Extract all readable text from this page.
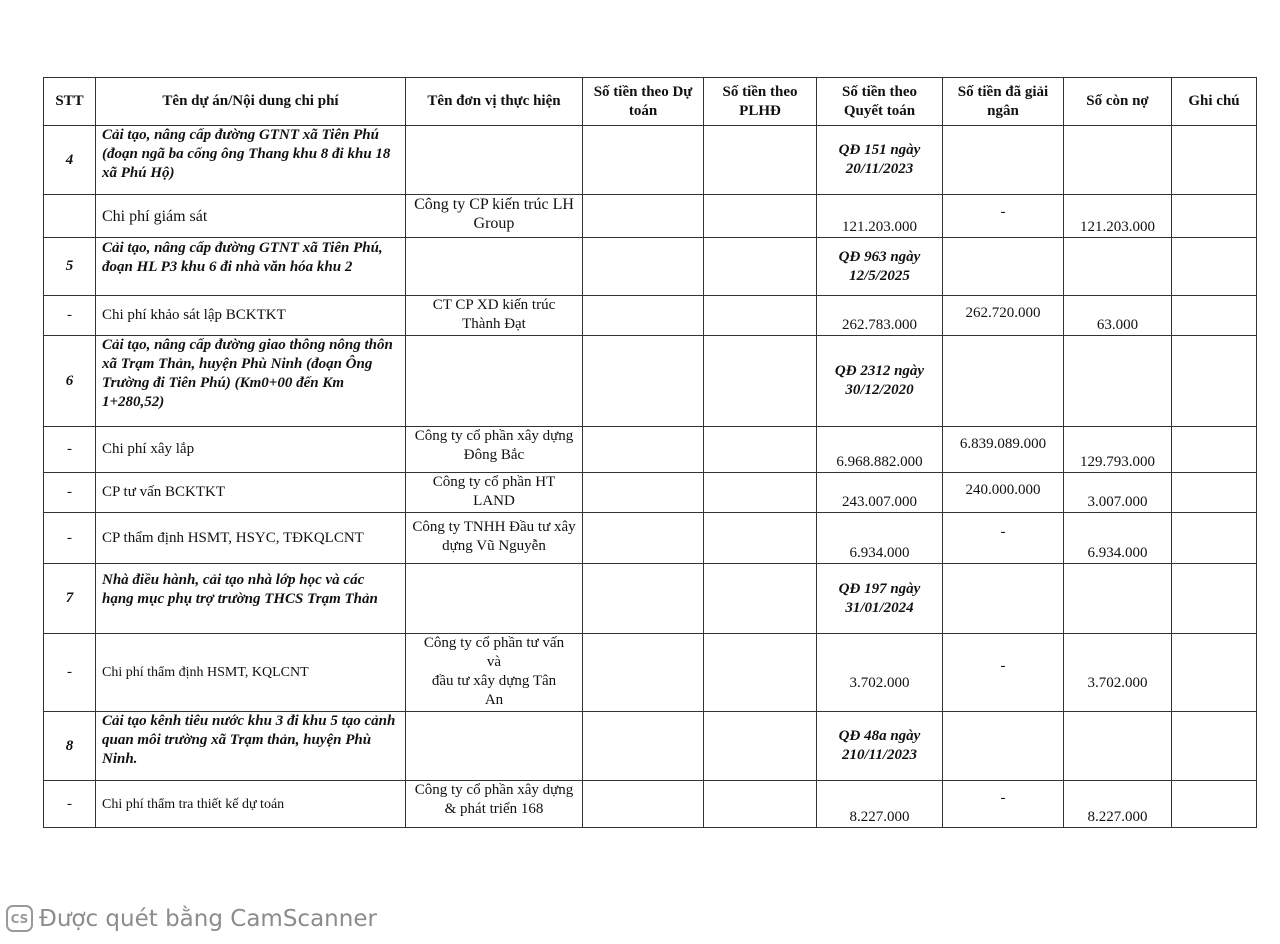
STT	Tên dự án/Nội dung chi phí	Tên đơn vị thực hiện	Số tiền theo Dự toán	Số tiền theo PLHĐ	Số tiền theo Quyết toán	Số tiền đã giải ngân	Số còn nợ	Ghi chú
4	Cải tạo, nâng cấp đường GTNT xã Tiên Phú (đoạn ngã ba cống ông Thang khu 8 đi khu 18 xã Phú Hộ)				QĐ 151 ngày 20/11/2023			
	Chi phí giám sát	Công ty CP kiến trúc LH Group			121.203.000	-	121.203.000	
5	Cải tạo, nâng cấp đường GTNT xã Tiên Phú, đoạn HL P3 khu 6 đi nhà văn hóa khu 2				QĐ 963 ngày 12/5/2025			
-	Chi phí khảo sát lập BCKTKT	CT CP XD kiến trúc Thành Đạt			262.783.000	262.720.000	63.000	
6	Cải tạo, nâng cấp đường giao thông nông thôn xã Trạm Thản, huyện Phù Ninh (đoạn Ông Trường đi Tiên Phú) (Km0+00 đến Km 1+280,52)				QĐ 2312 ngày 30/12/2020			
-	Chi phí xây lắp	Công ty cổ phần xây dựng Đông Bắc			6.968.882.000	6.839.089.000	129.793.000	
-	CP tư vấn BCKTKT	Công ty cổ phần HT LAND			243.007.000	240.000.000	3.007.000	
-	CP thẩm định HSMT, HSYC, TĐKQLCNT	Công ty TNHH Đầu tư xây dựng Vũ Nguyễn			6.934.000	-	6.934.000	
7	Nhà điều hành, cải tạo nhà lớp học và các hạng mục phụ trợ trường THCS Trạm Thản				QĐ 197 ngày 31/01/2024			
-	Chi phí thẩm định HSMT, KQLCNT	Công ty cổ phần tư vấn
và
đầu tư xây dựng Tân
An			3.702.000	-	3.702.000	
8	Cải tạo kênh tiêu nước khu 3 đi khu 5 tạo cảnh quan môi trường xã Trạm thản, huyện Phù Ninh.				QĐ 48a ngày 210/11/2023			
-	Chi phí thẩm tra thiết kế dự toán	Công ty cổ phần xây dựng & phát triển 168			8.227.000	-	8.227.000	
CS Được quét bằng CamScanner
